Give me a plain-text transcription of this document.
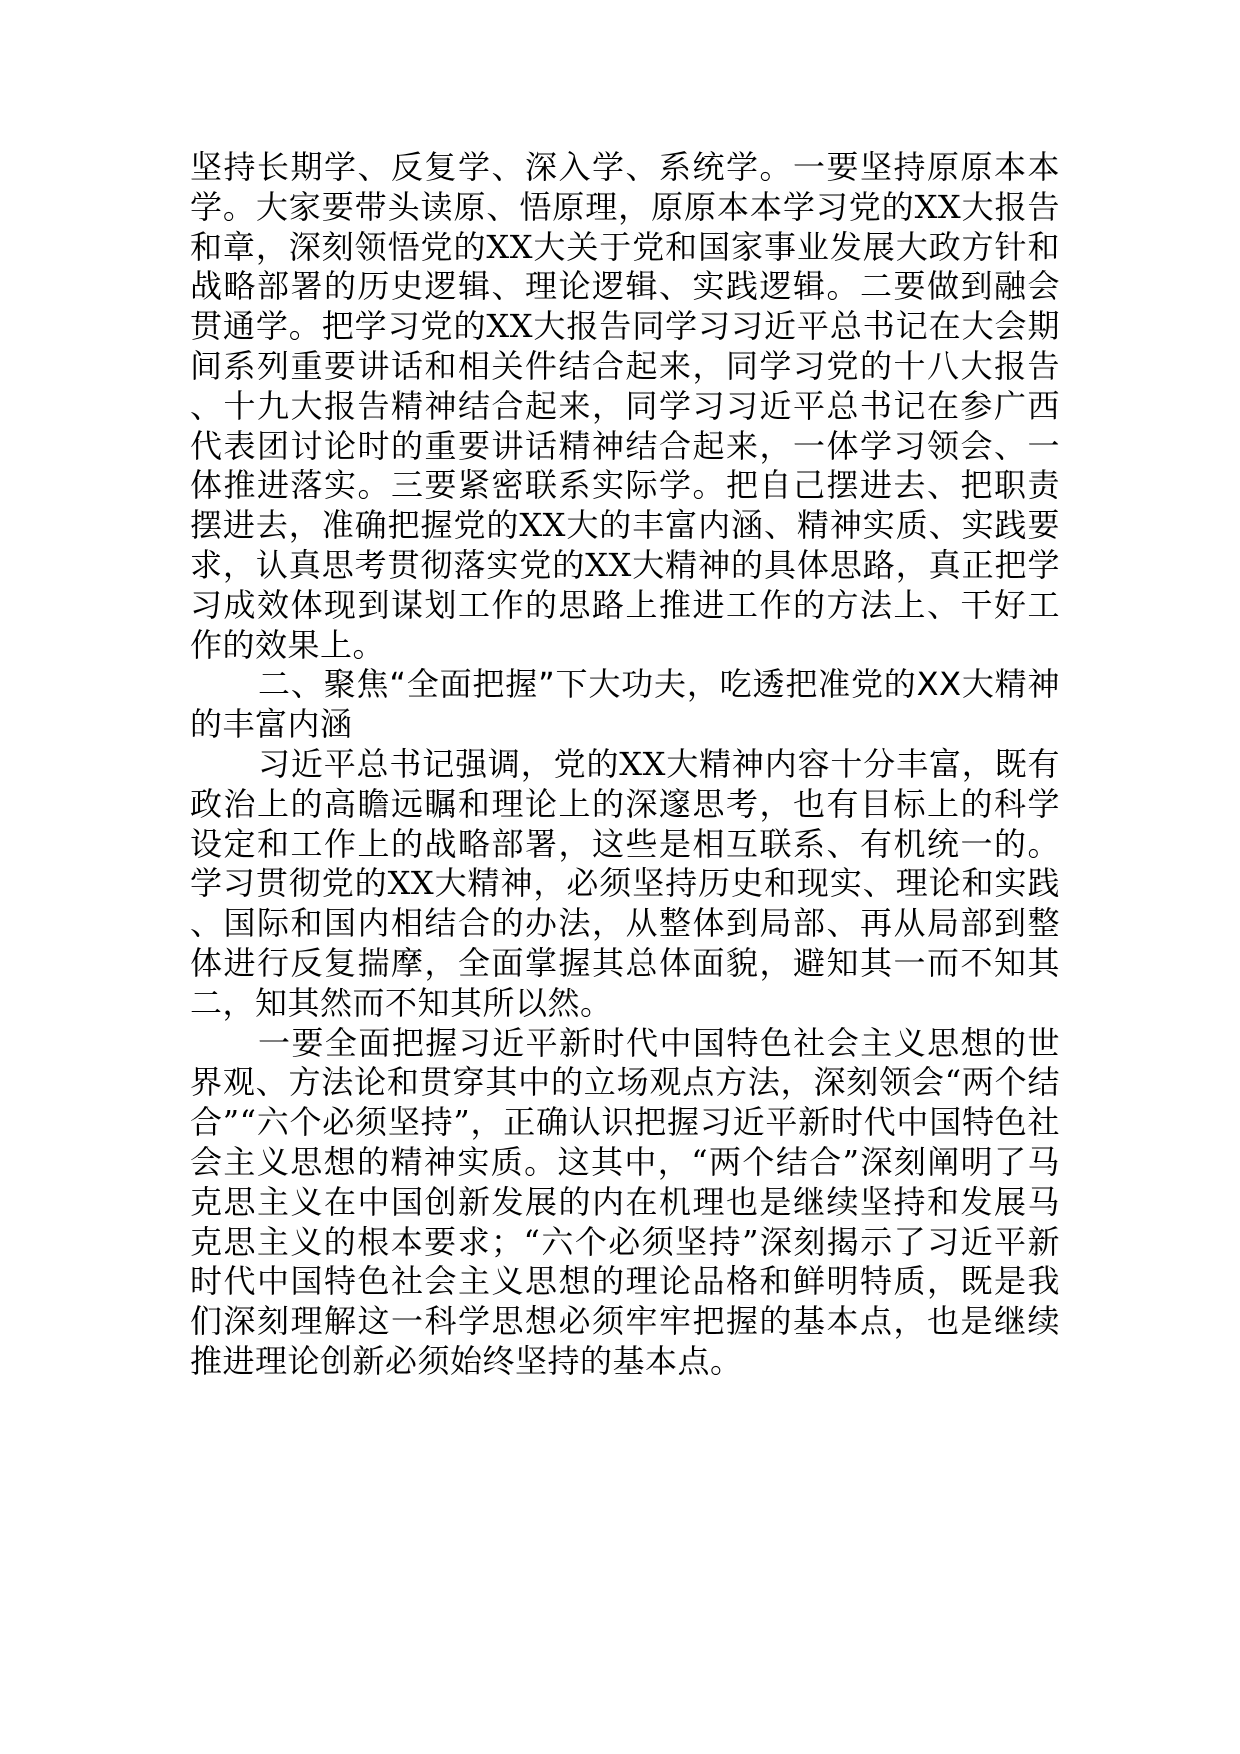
坚持长期学、反复学、深入学、系统学。一要坚持原原本本学。大家要带头读原、悟原理，原原本本学习党的XX大报告和章，深刻领悟党的XX大关于党和国家事业发展大政方针和战略部署的历史逻辑、理论逻辑、实践逻辑。二要做到融会贯通学。把学习党的XX大报告同学习习近平总书记在大会期间系列重要讲话和相关件结合起来，同学习党的十八大报告、十九大报告精神结合起来，同学习习近平总书记在参广西代表团讨论时的重要讲话精神结合起来，一体学习领会、一体推进落实。三要紧密联系实际学。把自己摆进去、把职责摆进去，准确把握党的XX大的丰富内涵、精神实质、实践要求，认真思考贯彻落实党的XX大精神的具体思路，真正把学习成效体现到谋划工作的思路上推进工作的方法上、干好工作的效果上。

二、聚焦“全面把握”下大功夫，吃透把准党的XX大精神的丰富内涵

习近平总书记强调，党的XX大精神内容十分丰富，既有政治上的高瞻远瞩和理论上的深邃思考，也有目标上的科学设定和工作上的战略部署，这些是相互联系、有机统一的。学习贯彻党的XX大精神，必须坚持历史和现实、理论和实践、国际和国内相结合的办法，从整体到局部、再从局部到整体进行反复揣摩，全面掌握其总体面貌，避知其一而不知其二，知其然而不知其所以然。

一要全面把握习近平新时代中国特色社会主义思想的世界观、方法论和贯穿其中的立场观点方法，深刻领会“两个结合”“六个必须坚持”，正确认识把握习近平新时代中国特色社会主义思想的精神实质。这其中，“两个结合”深刻阐明了马克思主义在中国创新发展的内在机理也是继续坚持和发展马克思主义的根本要求；“六个必须坚持”深刻揭示了习近平新时代中国特色社会主义思想的理论品格和鲜明特质，既是我们深刻理解这一科学思想必须牢牢把握的基本点，也是继续推进理论创新必须始终坚持的基本点。
